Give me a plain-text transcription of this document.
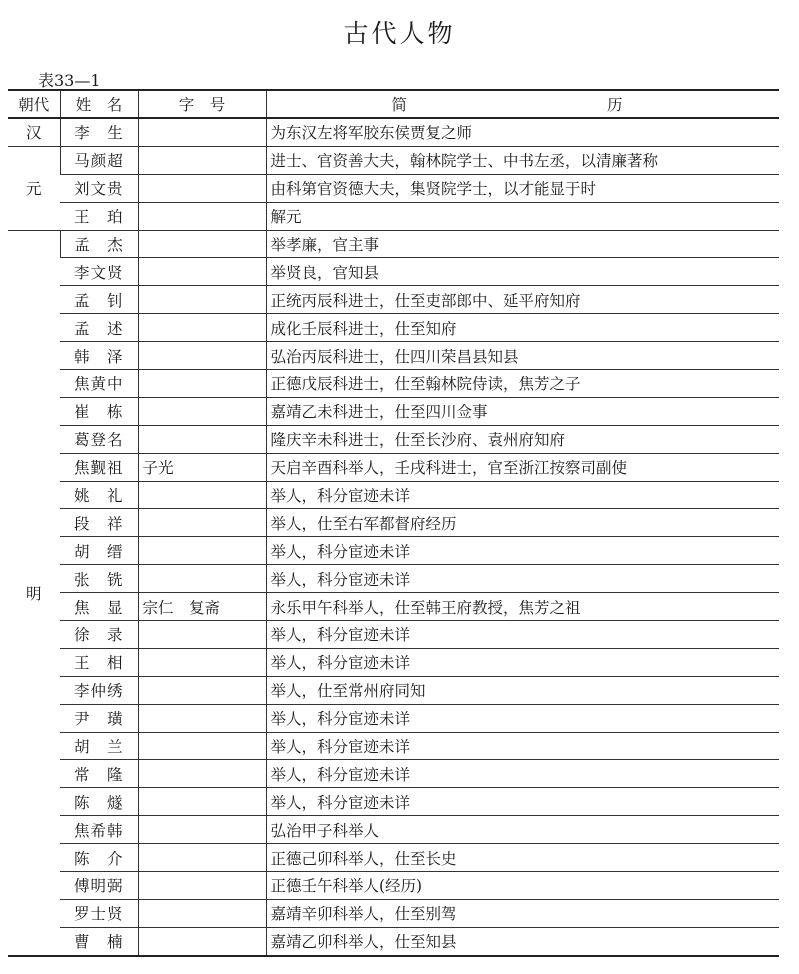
古代人物
表33—1
朝代	姓　名	字　号	简 历
汉	李　生		为东汉左将军胶东侯贾复之师
元	马颜超		进士、官资善大夫，翰林院学士、中书左丞，以清廉著称
	刘文贵		由科第官资德大夫，集贤院学士，以才能显于时
	王　珀		解元
明	孟　杰		举孝廉，官主事
	李文贤		举贤良，官知县
	孟　钊		正统丙辰科进士，仕至吏部郎中、延平府知府
	孟　述		成化壬辰科进士，仕至知府
	韩　泽		弘治丙辰科进士，仕四川荣昌县知县
	焦黄中		正德戊辰科进士，仕至翰林院侍读，焦芳之子
	崔　栋		嘉靖乙未科进士，仕至四川佥事
	葛登名		隆庆辛未科进士，仕至长沙府、袁州府知府
	焦觐祖	子光	天启辛酉科举人，壬戌科进士，官至浙江按察司副使
	姚　礼		举人，科分宦迹未详
	段　祥		举人，仕至右军都督府经历
	胡　缙		举人，科分宦迹未详
	张　铣		举人，科分宦迹未详
	焦　显	宗仁　复斋	永乐甲午科举人，仕至韩王府教授，焦芳之祖
	徐　录		举人，科分宦迹未详
	王　相		举人，科分宦迹未详
	李仲绣		举人，仕至常州府同知
	尹　璜		举人，科分宦迹未详
	胡　兰		举人，科分宦迹未详
	常　隆		举人，科分宦迹未详
	陈　燧		举人，科分宦迹未详
	焦希韩		弘治甲子科举人
	陈　介		正德己卯科举人，仕至长史
	傅明弼		正德壬午科举人(经历)
	罗士贤		嘉靖辛卯科举人，仕至别驾
	曹　楠		嘉靖乙卯科举人，仕至知县
